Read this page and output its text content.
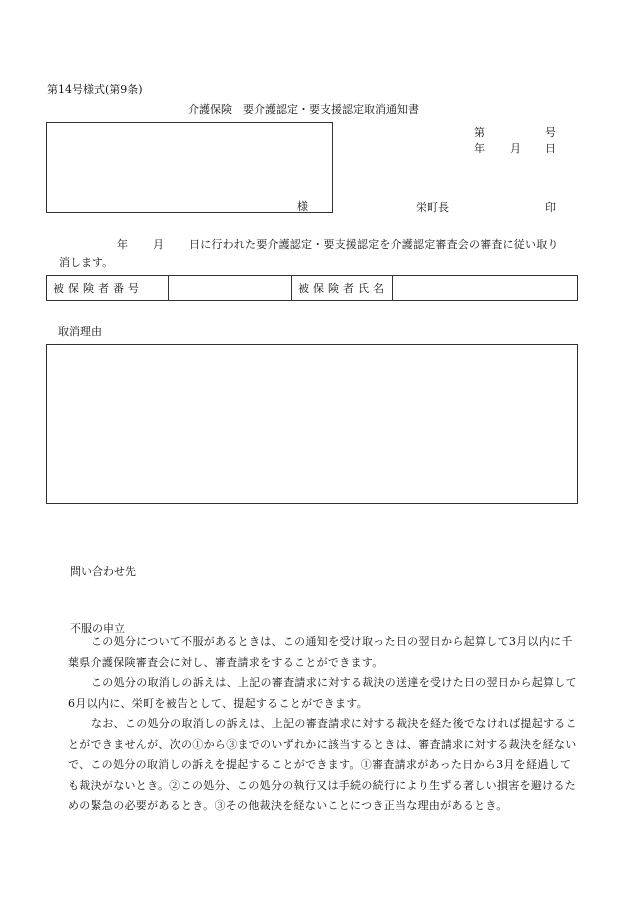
第14号様式(第9条)
介護保険　要介護認定・要支援認定取消通知書
様
第	号
年 月 日
栄町長	印
年 月 日に行われた要介護認定・要支援認定を介護認定審査会の審査に従い取り
消します。
被保険者番号		被保険者氏名	
取消理由
問い合わせ先
不服の申立

この処分について不服があるときは、この通知を受け取った日の翌日から起算して3月以内に千葉県介護保険審査会に対し、審査請求をすることができます。

この処分の取消しの訴えは、上記の審査請求に対する裁決の送達を受けた日の翌日から起算して6月以内に、栄町を被告として、提起することができます。

なお、この処分の取消しの訴えは、上記の審査請求に対する裁決を経た後でなければ提起することができませんが、次の①から③までのいずれかに該当するときは、審査請求に対する裁決を経ないで、この処分の取消しの訴えを提起することができます。①審査請求があった日から3月を経過しても裁決がないとき。②この処分、この処分の執行又は手続の続行により生ずる著しい損害を避けるための緊急の必要があるとき。③その他裁決を経ないことにつき正当な理由があるとき。
